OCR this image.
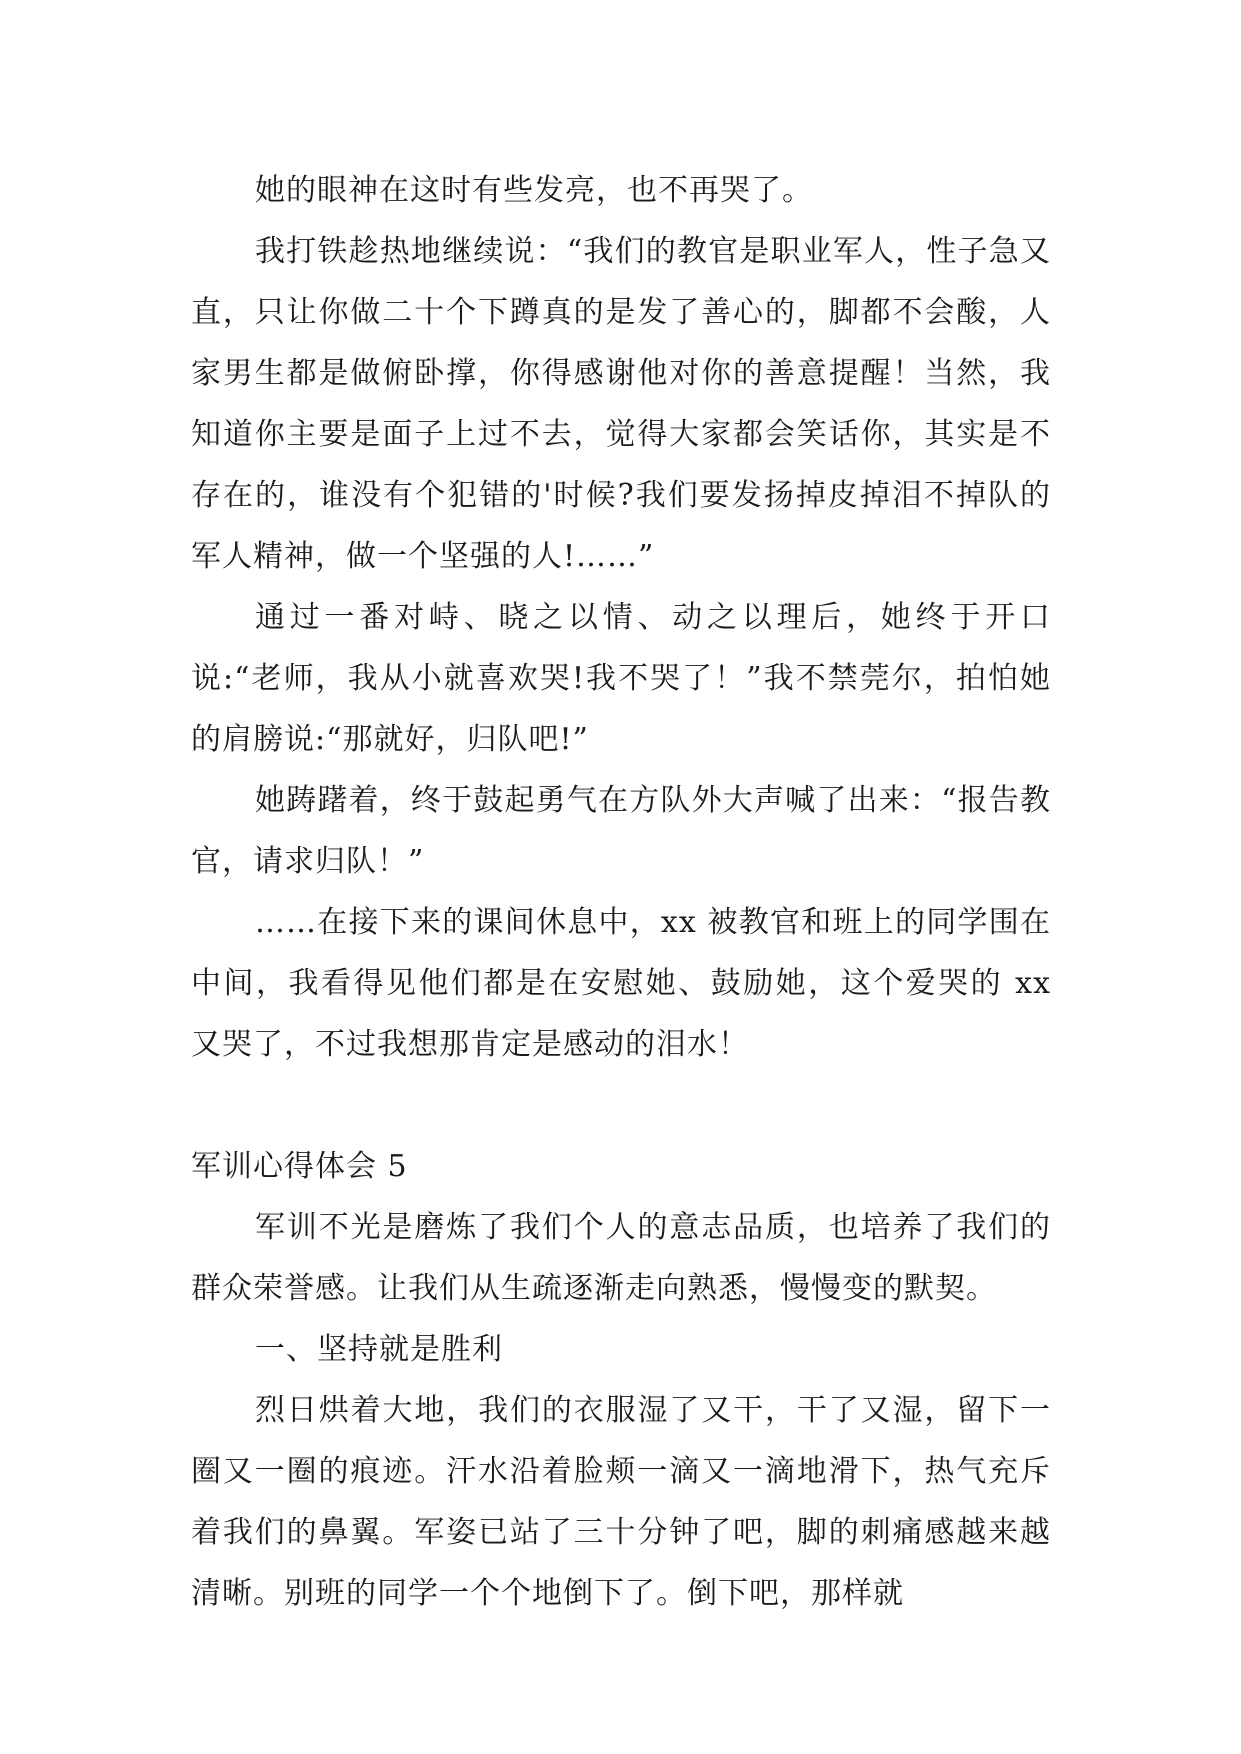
她的眼神在这时有些发亮，也不再哭了。

我打铁趁热地继续说：“我们的教官是职业军人，性子急又直，只让你做二十个下蹲真的是发了善心的，脚都不会酸，人家男生都是做俯卧撑，你得感谢他对你的善意提醒！当然，我知道你主要是面子上过不去，觉得大家都会笑话你，其实是不存在的，谁没有个犯错的'时候?我们要发扬掉皮掉泪不掉队的军人精神，做一个坚强的人!……”

通过一番对峙、晓之以情、动之以理后，她终于开口说:“老师，我从小就喜欢哭!我不哭了！”我不禁莞尔，拍怕她的肩膀说:“那就好，归队吧!”

她踌躇着，终于鼓起勇气在方队外大声喊了出来：“报告教官，请求归队！”

……在接下来的课间休息中，xx 被教官和班上的同学围在中间，我看得见他们都是在安慰她、鼓励她，这个爱哭的 xx 又哭了，不过我想那肯定是感动的泪水！

军训心得体会 5

军训不光是磨炼了我们个人的意志品质，也培养了我们的群众荣誉感。让我们从生疏逐渐走向熟悉，慢慢变的默契。

一、坚持就是胜利

烈日烘着大地，我们的衣服湿了又干，干了又湿，留下一圈又一圈的痕迹。汗水沿着脸颊一滴又一滴地滑下，热气充斥着我们的鼻翼。军姿已站了三十分钟了吧，脚的刺痛感越来越清晰。别班的同学一个个地倒下了。倒下吧，那样就
